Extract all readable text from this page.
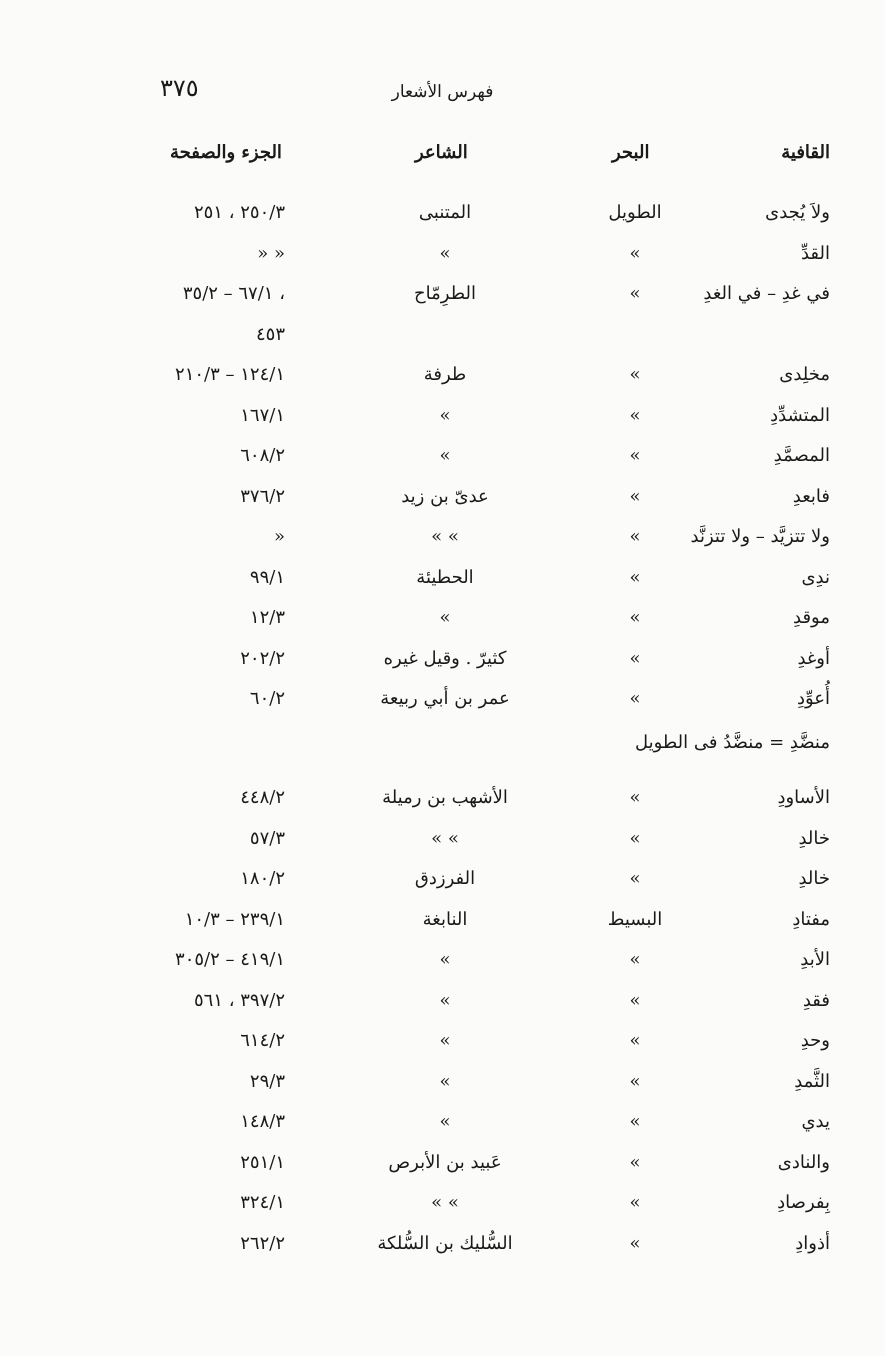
٣٧٥	فهرس الأشعار
القافية
البحر
الشاعر
الجزء والصفحة
ولاَ يُجدى
الطويل
المتنبى
٢٥٠/٣ ، ٢٥١
القدِّ
»
»
» »
في غدِ – في الغدِ
»
الطرِمّاح
٦٧/١ – ٣٥/٢ ،
٤٥٣
مخلِدى
»
طرفة
١٢٤/١ – ٢١٠/٣
المتشدِّدِ
»
»
١٦٧/١
المصمَّدِ
»
»
٦٠٨/٢
فابعدِ
»
عدىّ بن زيد
٣٧٦/٢
ولا تتزيَّد – ولا تتزنَّد
»
» »
»
ندِى
»
الحطيئة
٩٩/١
موقدِ
»
»
١٢/٣
أوغدِ
»
كثيرّ . وقيل غيره
٢٠٢/٢
أُعوِّدِ
»
عمر بن أبي ربيعة
٦٠/٢
منضَّدِ = منضَّدُ فى الطويل
الأساودِ
»
الأشهب بن رميلة
٤٤٨/٢
خالدِ
»
» »
٥٧/٣
خالدِ
»
الفرزدق
١٨٠/٢
مفتادِ
البسيط
النابغة
٢٣٩/١ – ١٠/٣
الأبدِ
»
»
٤١٩/١ – ٣٠٥/٢
فقدِ
»
»
٣٩٧/٢ ، ٥٦١
وحدِ
»
»
٦١٤/٢
الثَّمدِ
»
»
٢٩/٣
يدي
»
»
١٤٨/٣
والنادى
»
عَبيد بن الأبرص
٢٥١/١
بِفرصادِ
»
» »
٣٢٤/١
أذوادِ
»
السُّليك بن السُّلكة
٢٦٢/٢
